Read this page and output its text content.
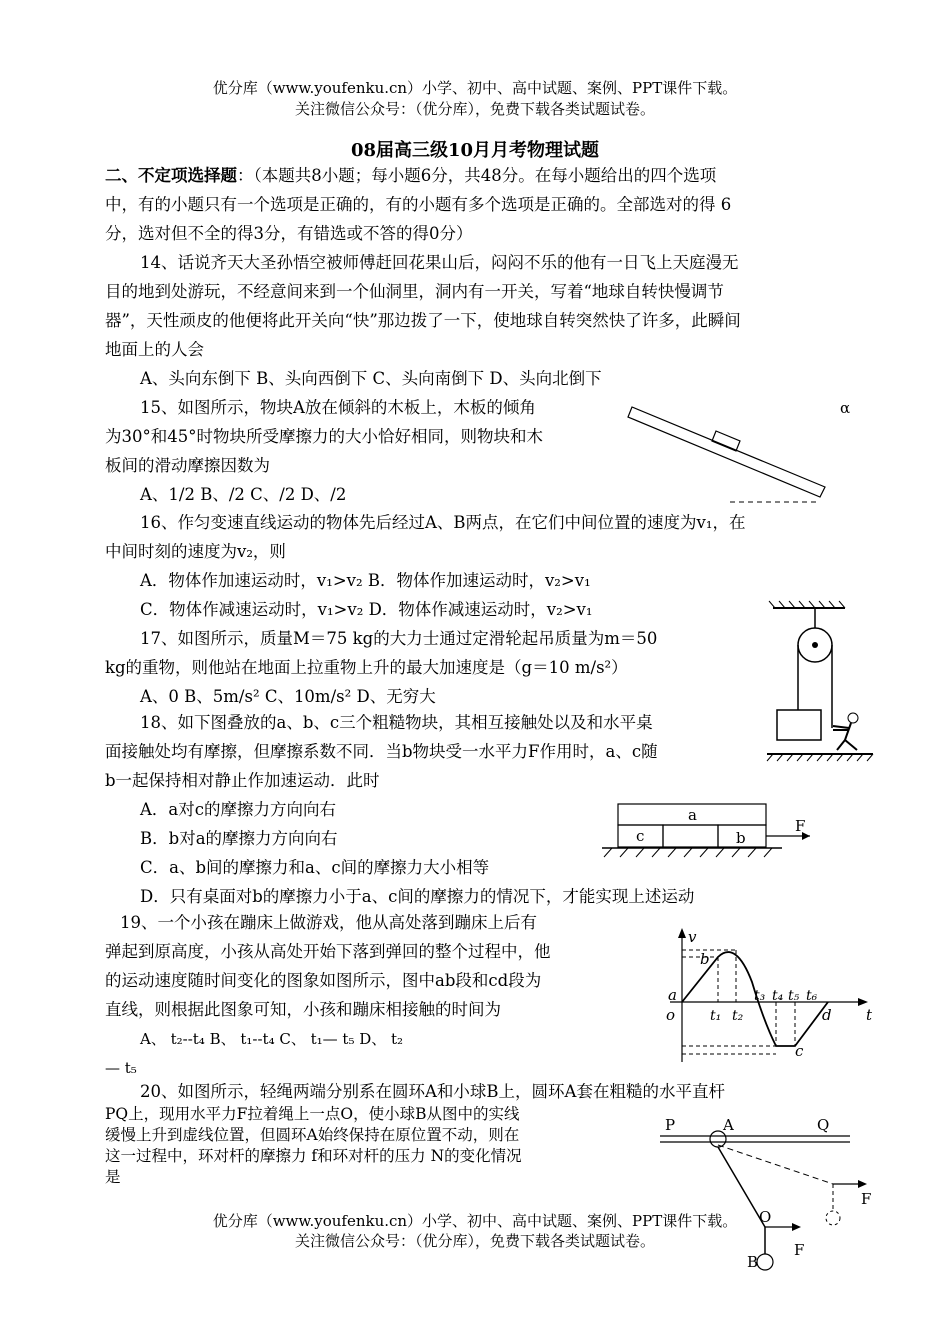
优分库（www.youfenku.cn）小学、初中、高中试题、案例、PPT课件下载。
关注微信公众号：（优分库），免费下载各类试题试卷。
08届高三级10月月考物理试题
二、不定项选择题：（本题共8小题；每小题6分，共48分。在每小题给出的四个选项
中，有的小题只有一个选项是正确的，有的小题有多个选项是正确的。全部选对的得 6
分，选对但不全的得3分，有错选或不答的得0分）
14、话说齐天大圣孙悟空被师傅赶回花果山后，闷闷不乐的他有一日飞上天庭漫无
目的地到处游玩，不经意间来到一个仙洞里，洞内有一开关，写着“地球自转快慢调节
器”，天性顽皮的他便将此开关向“快”那边拨了一下，使地球自转突然快了许多，此瞬间
地面上的人会
A、头向东倒下 B、头向西倒下 C、头向南倒下 D、头向北倒下
15、如图所示，物块A放在倾斜的木板上，木板的倾角
为30°和45°时物块所受摩擦力的大小恰好相同，则物块和木
板间的滑动摩擦因数为
A、1/2 B、/2 C、/2 D、/2
α
16、作匀变速直线运动的物体先后经过A、B两点，在它们中间位置的速度为v₁，在
中间时刻的速度为v₂，则
A．物体作加速运动时，v₁>v₂ B．物体作加速运动时，v₂>v₁
C．物体作减速运动时，v₁>v₂ D．物体作减速运动时，v₂>v₁
17、如图所示，质量M＝75 kg的大力士通过定滑轮起吊质量为m＝50
kg的重物，则他站在地面上拉重物上升的最大加速度是（g＝10 m/s²）
A、0 B、5m/s² C、10m/s² D、无穷大
18、如下图叠放的a、b、c三个粗糙物块，其相互接触处以及和水平桌
面接触处均有摩擦，但摩擦系数不同．当b物块受一水平力F作用时，a、c随
b一起保持相对静止作加速运动．此时
A．a对c的摩擦力方向向右
B．b对a的摩擦力方向向右
C．a、b间的摩擦力和a、c间的摩擦力大小相等
D．只有桌面对b的摩擦力小于a、c间的摩擦力的情况下，才能实现上述运动
a
c	b
F
19、一个小孩在蹦床上做游戏，他从高处落到蹦床上后有
弹起到原高度，小孩从高处开始下落到弹回的整个过程中，他
的运动速度随时间变化的图象如图所示，图中ab段和cd段为
直线，则根据此图象可知，小孩和蹦床相接触的时间为
A、 t₂--t₄ B、 t₁--t₄ C、 t₁— t₅ D、 t₂
— t₅
v
t
o
a
b
c
d
t₁ t₂
t₃ t₄ t₅ t₆
20、如图所示，轻绳两端分别系在圆环A和小球B上，圆环A套在粗糙的水平直杆
PQ上，现用水平力F拉着绳上一点O，使小球B从图中的实线
缓慢上升到虚线位置，但圆环A始终保持在原位置不动，则在
这一过程中，环对杆的摩擦力 f和环对杆的压力 N的变化情况
是
P	A	Q
O
B
F
F
优分库（www.youfenku.cn）小学、初中、高中试题、案例、PPT课件下载。
关注微信公众号：（优分库），免费下载各类试题试卷。
